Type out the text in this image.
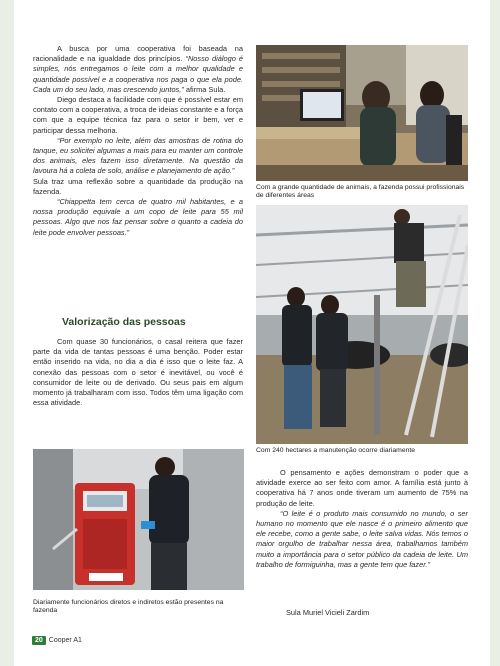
A busca por uma cooperativa foi baseada na racionalidade e na igualdade dos princípios. “Nosso diálogo é simples, nós entregamos o leite com a melhor qualidade e quantidade possível e a cooperativa nos paga o que ela pode. Cada um do seu lado, mas crescendo juntos,” afirma Sula.

Diego destaca a facilidade com que é possível estar em contato com a cooperativa, a troca de ideias constante e a força com que a equipe técnica faz para o setor ir bem, ver e participar dessa melhoria.

“Por exemplo no leite, além das amostras de rotina do tanque, eu solicitei algumas a mais para eu manter um controle dos animais, eles fazem isso diretamente. Na questão da lavoura há a coleta de solo, análise e planejamento de ação.”

Sula traz uma reflexão sobre a quantidade da produção na fazenda.

“Chiappetta tem cerca de quatro mil habitantes, e a nossa produção equivale a um copo de leite para 55 mil pessoas. Algo que nos faz pensar sobre o quanto a cadeia do leite pode envolver pessoas.”

Valorização das pessoas

Com quase 30 funcionários, o casal reitera que fazer parte da vida de tantas pessoas é uma benção. Poder estar então inserido na vida, no dia a dia é isso que o leite faz. A conexão das pessoas com o setor é inevitável, ou você é consumidor de leite ou de derivado. Ou seus pais em algum momento já trabalharam com isso. Todos têm uma ligação com essa atividade.

Com a grande quantidade de animais, a fazenda possui profissionais de diferentes áreas
Com 240 hectares a manutenção ocorre diariamente

O pensamento e ações demonstram o poder que a atividade exerce ao ser feito com amor. A família está junto à cooperativa há 7 anos onde tiveram um aumento de 75% na produção de leite.

“O leite é o produto mais consumido no mundo, o ser humano no momento que ele nasce é o primeiro alimento que ele recebe, como a gente sabe, o leite salva vidas. Nós temos o maior orgulho de trabalhar nessa área, trabalhamos também muito a importância para o setor público da cadeia de leite. Um trabalho de formiguinha, mas a gente tem que fazer.”

Sula Muriel Vicieli Zardim
Diariamente funcionários diretos e indiretos estão presentes na fazenda
20 Cooper A1
